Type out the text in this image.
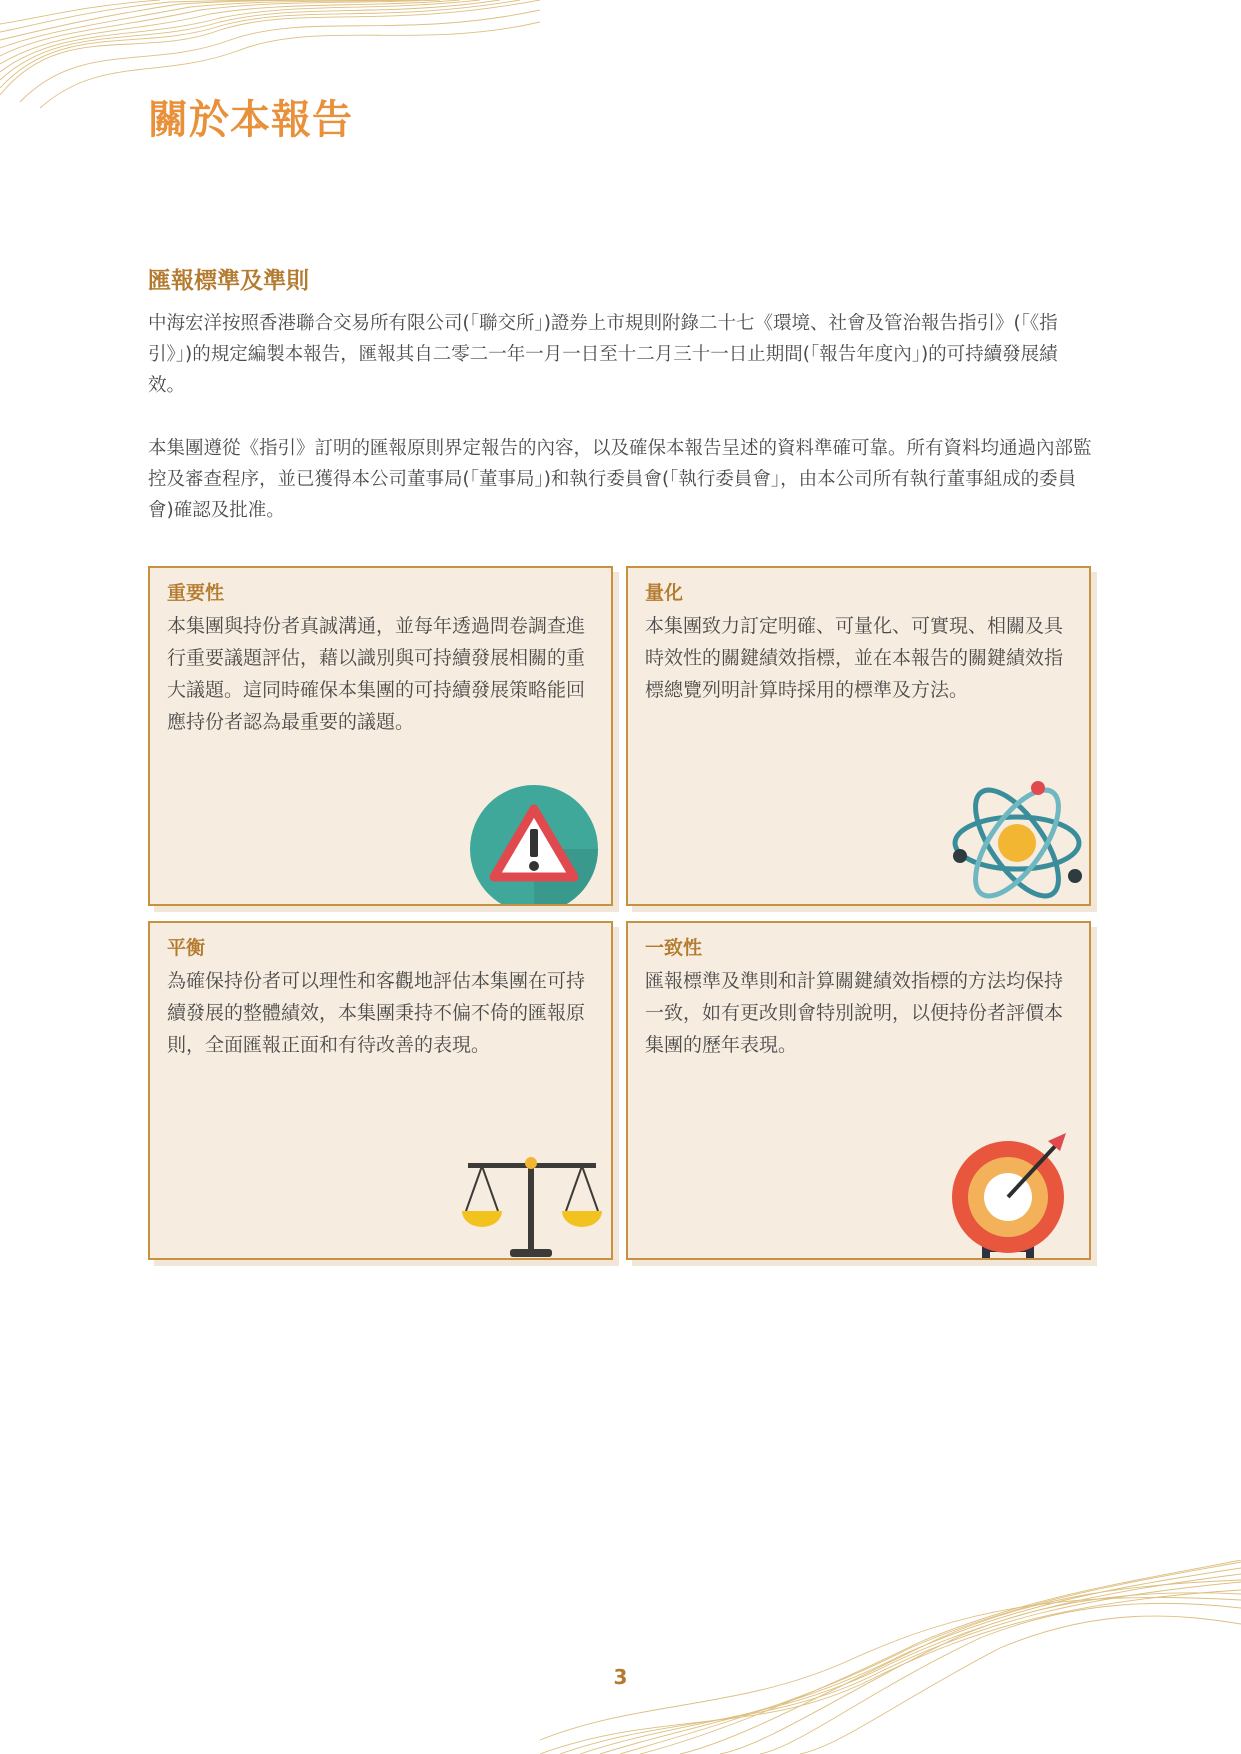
關於本報告
匯報標準及準則

中海宏洋按照香港聯合交易所有限公司(「聯交所」)證券上市規則附錄二十七《環境、社會及管治報告指引》(「《指引》」)的規定編製本報告，匯報其自二零二一年一月一日至十二月三十一日止期間(「報告年度內」)的可持續發展績效。

本集團遵從《指引》訂明的匯報原則界定報告的內容，以及確保本報告呈述的資料準確可靠。所有資料均通過內部監控及審查程序，並已獲得本公司董事局(「董事局」)和執行委員會(「執行委員會」，由本公司所有執行董事組成的委員會)確認及批准。

重要性
本集團與持份者真誠溝通，並每年透過問卷調查進行重要議題評估，藉以識別與可持續發展相關的重大議題。這同時確保本集團的可持續發展策略能回應持份者認為最重要的議題。
量化
本集團致力訂定明確、可量化、可實現、相關及具時效性的關鍵績效指標，並在本報告的關鍵績效指標總覽列明計算時採用的標準及方法。
平衡
為確保持份者可以理性和客觀地評估本集團在可持續發展的整體績效，本集團秉持不偏不倚的匯報原則，全面匯報正面和有待改善的表現。
一致性
匯報標準及準則和計算關鍵績效指標的方法均保持一致，如有更改則會特別說明，以便持份者評價本集團的歷年表現。
3
